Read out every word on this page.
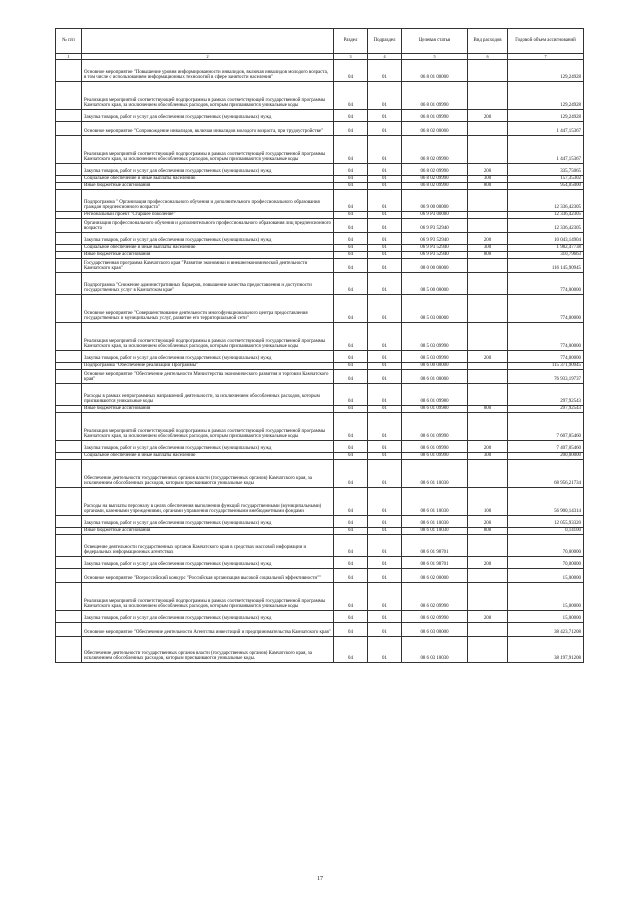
№ п/п		Раздел	Подраздел	Целевая статья	Вид расходов	Годовой объем ассигнований
1	2	3	4	5	6	7
	Основное мероприятие "Повышение уровня информированности инвалидов, включая инвалидов молодого возраста, в том числе с использованием информационных технологий в сфере занятости населения"	04	01	06 8 01 00000		129,24928
	Реализация мероприятий соответствующей подпрограммы в рамках соответствующей государственной программы Камчатского края, за исключением обособленных расходов, которым присваиваются уникальные коды	04	01	06 8 01 09990		129,24928
	Закупка товаров, работ и услуг для обеспечения государственных (муниципальных) нужд	04	01	06 8 01 09990	200	129,24928
	Основное мероприятие "Сопровождение инвалидов, включая инвалидов молодого возраста, при трудоустройстве"	04	01	06 8 02 00000		1 447,15367
	Реализация мероприятий соответствующей подпрограммы в рамках соответствующей государственной программы Камчатского края, за исключением обособленных расходов, которым присваиваются уникальные коды	04	01	06 8 02 09990		1 447,15367
	Закупка товаров, работ и услуг для обеспечения государственных (муниципальных) нужд	04	01	06 8 02 09990	200	335,75065
	Социальное обеспечение и иные выплаты населению	04	01	06 8 02 09990	300	157,35302
	Иные бюджетные ассигнования	04	01	06 8 02 09990	800	954,05000
	Подпрограмма " Организация профессионального обучения и дополнительного профессионального образования граждан предпенсионного возраста"	04	01	06 9 00 00000		12 336,42305
	Региональный проект "Старшее поколение"	04	01	06 9 P3 00000		12 336,42305
	Организация профессионального обучения и дополнительного профессионального образования лиц предпенсионного возраста	04	01	06 9 P3 52940		12 336,42305
	Закупка товаров, работ и услуг для обеспечения государственных (муниципальных) нужд	04	01	06 9 P3 52940	200	10 043,14904
	Социальное обеспечение и иные выплаты населению	04	01	06 9 P3 52940	300	1 982,47738
	Иные бюджетные ассигнования	04	01	06 9 P3 52940	800	310,79663
	Государственная программа Камчатского края "Развитие экономики и внешнеэкономической деятельности Камчатского края"	04	01	08 0 00 00000		116 145,90945
	Подпрограмма "Снижение административных барьеров, повышение качества предоставления и доступности государственных услуг в Камчатском крае"	04	01	08 5 00 00000		774,00000
	Основное мероприятие "Совершенствование деятельности многофункционального центра предоставления государственных и муниципальных услуг, развитие его территориальной сети"	04	01	08 5 03 00000		774,00000
	Реализация мероприятий соответствующей подпрограммы в рамках соответствующей государственной программы Камчатского края, за исключением обособленных расходов, которым присваиваются уникальные коды	04	01	08 5 03 09990		774,00000
	Закупка товаров, работ и услуг для обеспечения государственных (муниципальных) нужд	04	01	08 5 03 09990	200	774,00000
	Подпрограмма "Обеспечение реализации Программы"	04	01	08 6 00 00000		115 371,90945
	Основное мероприятие "Обеспечение деятельности Министерства экономического развития и торговли Камчатского края"	04	01	08 6 01 00000		76 933,19737
	Расходы в рамках непрограммных направлений деятельности, за исключением обособленных расходов, которым присваиваются уникальные коды	04	01	08 6 01 09980		297,92543
	Иные бюджетные ассигнования	04	01	08 6 01 09980	800	297,92543
	Реализация мероприятий соответствующей подпрограммы в рамках соответствующей государственной программы Камчатского края, за исключением обособленных расходов, которым присваиваются уникальные коды	04	01	08 6 01 09990		7 607,05460
	Закупка товаров, работ и услуг для обеспечения государственных (муниципальных) нужд	04	01	08 6 01 09990	200	7 407,05460
	Социальное обеспечение и иные выплаты населению	04	01	08 6 01 09990	300	200,00000
	Обеспечение деятельности государственных органов власти (государственных органов) Камчатского края, за исключением обособленных расходов, которым присваиваются уникальные коды	04	01	08 6 01 10030		68 956,21734
	Расходы на выплаты персоналу в целях обеспечения выполнения функций государственными (муниципальными) органами, казенными учреждениями, органами управления государственными внебюджетными фондами	04	01	08 6 01 10030	100	56 900,14314
	Закупка товаров, работ и услуг для обеспечения государственных (муниципальных) нужд	04	01	08 6 01 10030	200	12 055,93320
	Иные бюджетные ассигнования	04	01	08 6 01 10030	800	0,14100
	Освещение деятельности государственных органов Камчатского края в средствах массовой информации и федеральных информационных агентствах	04	01	08 6 01 98701		70,00000
	Закупка товаров, работ и услуг для обеспечения государственных (муниципальных) нужд	04	01	08 6 01 98701	200	70,00000
	Основное мероприятие "Всероссийский конкурс "Российская организация высокой социальной эффективности""	04	01	08 6 02 00000		15,00000
	Реализация мероприятий соответствующей подпрограммы в рамках соответствующей государственной программы Камчатского края, за исключением обособленных расходов, которым присваиваются уникальные коды	04	01	08 6 02 09990		15,00000
	Закупка товаров, работ и услуг для обеспечения государственных (муниципальных) нужд	04	01	08 6 02 09990	200	15,00000
	Основное мероприятие "Обеспечение деятельности Агентства инвестиций и предпринимательства Камчатского края"	04	01	08 6 03 00000		38 423,71208
	Обеспечение деятельности государственных органов власти (государственных органов) Камчатского края, за исключением обособленных расходов, которым присваиваются уникальные коды.	04	01	08 6 03 10030		38 197,91208
17
